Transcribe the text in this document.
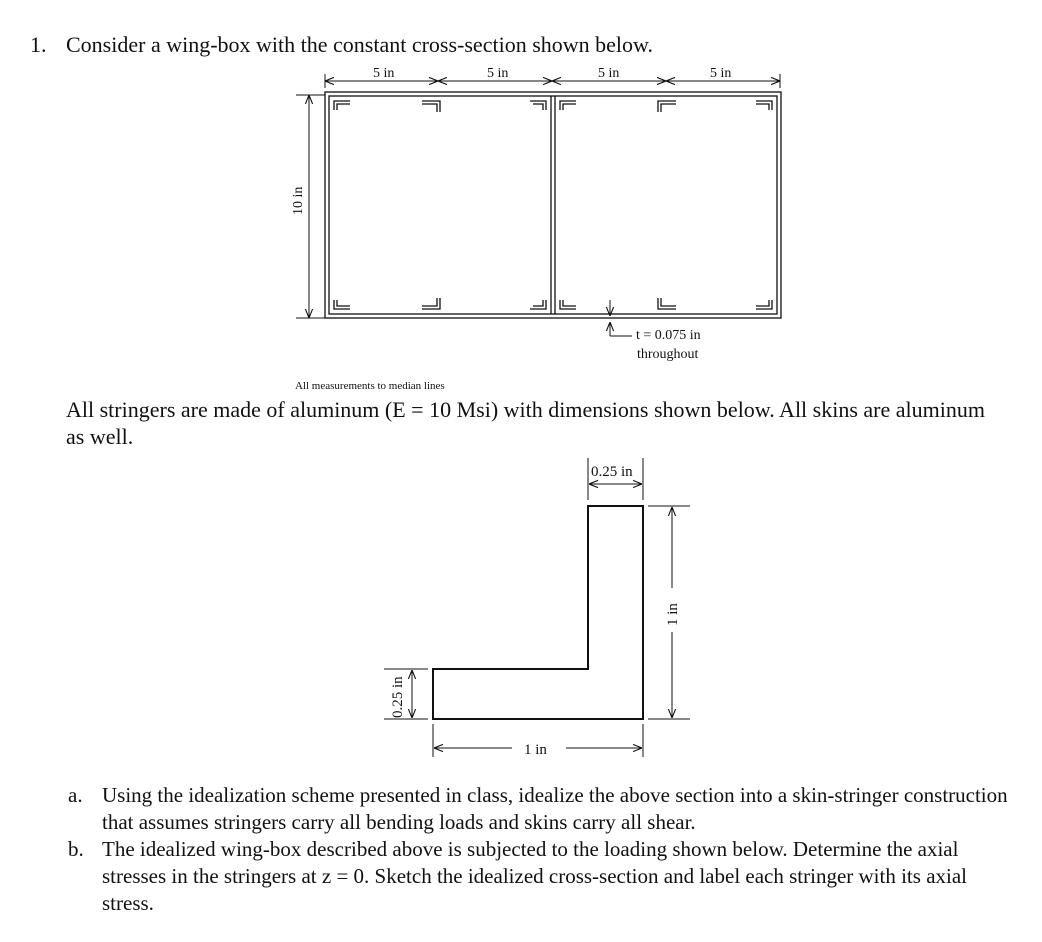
1. Consider a wing-box with the constant cross-section shown below.
5 in	5 in	5 in	5 in
10 in
t = 0.075 in
throughout
All measurements to median lines
0.25 in
1 in
0.25 in
1 in
All stringers are made of aluminum (E = 10 Msi) with dimensions shown below. All skins are aluminum as well.
a. Using the idealization scheme presented in class, idealize the above section into a skin-stringer construction that assumes stringers carry all bending loads and skins carry all shear.
b. The idealized wing-box described above is subjected to the loading shown below. Determine the axial stresses in the stringers at z = 0. Sketch the idealized cross-section and label each stringer with its axial stress.
